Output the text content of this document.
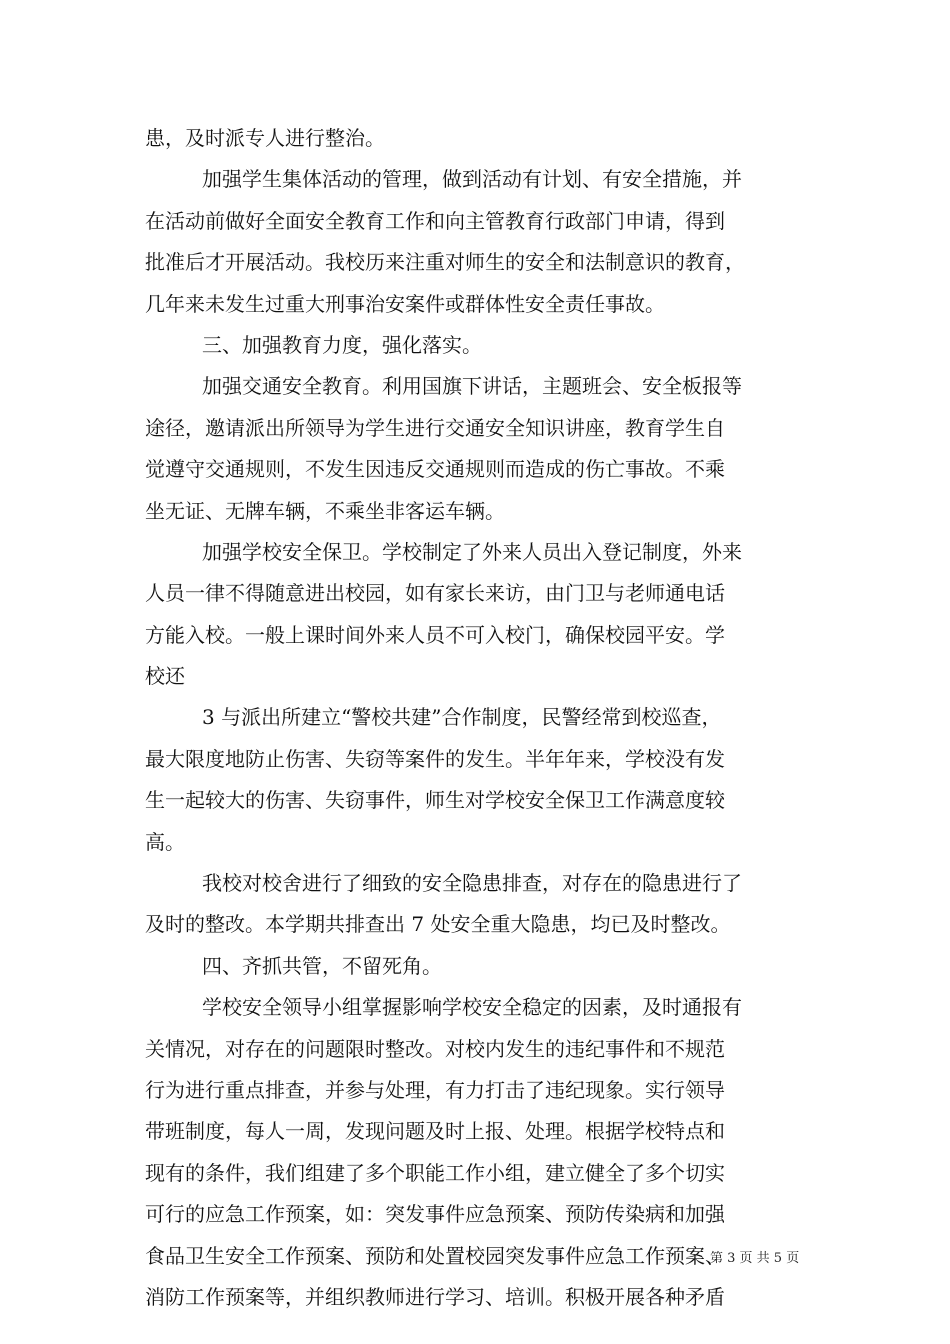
患，及时派专人进行整治。
加强学生集体活动的管理，做到活动有计划、有安全措施，并
在活动前做好全面安全教育工作和向主管教育行政部门申请，得到
批准后才开展活动。我校历来注重对师生的安全和法制意识的教育，
几年来未发生过重大刑事治安案件或群体性安全责任事故。
三、加强教育力度，强化落实。
加强交通安全教育。利用国旗下讲话，主题班会、安全板报等
途径，邀请派出所领导为学生进行交通安全知识讲座，教育学生自
觉遵守交通规则，不发生因违反交通规则而造成的伤亡事故。不乘
坐无证、无牌车辆，不乘坐非客运车辆。
加强学校安全保卫。学校制定了外来人员出入登记制度，外来
人员一律不得随意进出校园，如有家长来访，由门卫与老师通电话
方能入校。一般上课时间外来人员不可入校门，确保校园平安。学
校还
3 与派出所建立“警校共建”合作制度，民警经常到校巡查，
最大限度地防止伤害、失窃等案件的发生。半年年来，学校没有发
生一起较大的伤害、失窃事件，师生对学校安全保卫工作满意度较
高。
我校对校舍进行了细致的安全隐患排查，对存在的隐患进行了
及时的整改。本学期共排查出 7 处安全重大隐患，均已及时整改。
四、齐抓共管，不留死角。
学校安全领导小组掌握影响学校安全稳定的因素，及时通报有
关情况，对存在的问题限时整改。对校内发生的违纪事件和不规范
行为进行重点排查，并参与处理，有力打击了违纪现象。实行领导
带班制度，每人一周，发现问题及时上报、处理。根据学校特点和
现有的条件，我们组建了多个职能工作小组，建立健全了多个切实
可行的应急工作预案，如：突发事件应急预案、预防传染病和加强
食品卫生安全工作预案、预防和处置校园突发事件应急工作预案、
消防工作预案等，并组织教师进行学习、培训。积极开展各种矛盾
第 3 页 共 5 页
